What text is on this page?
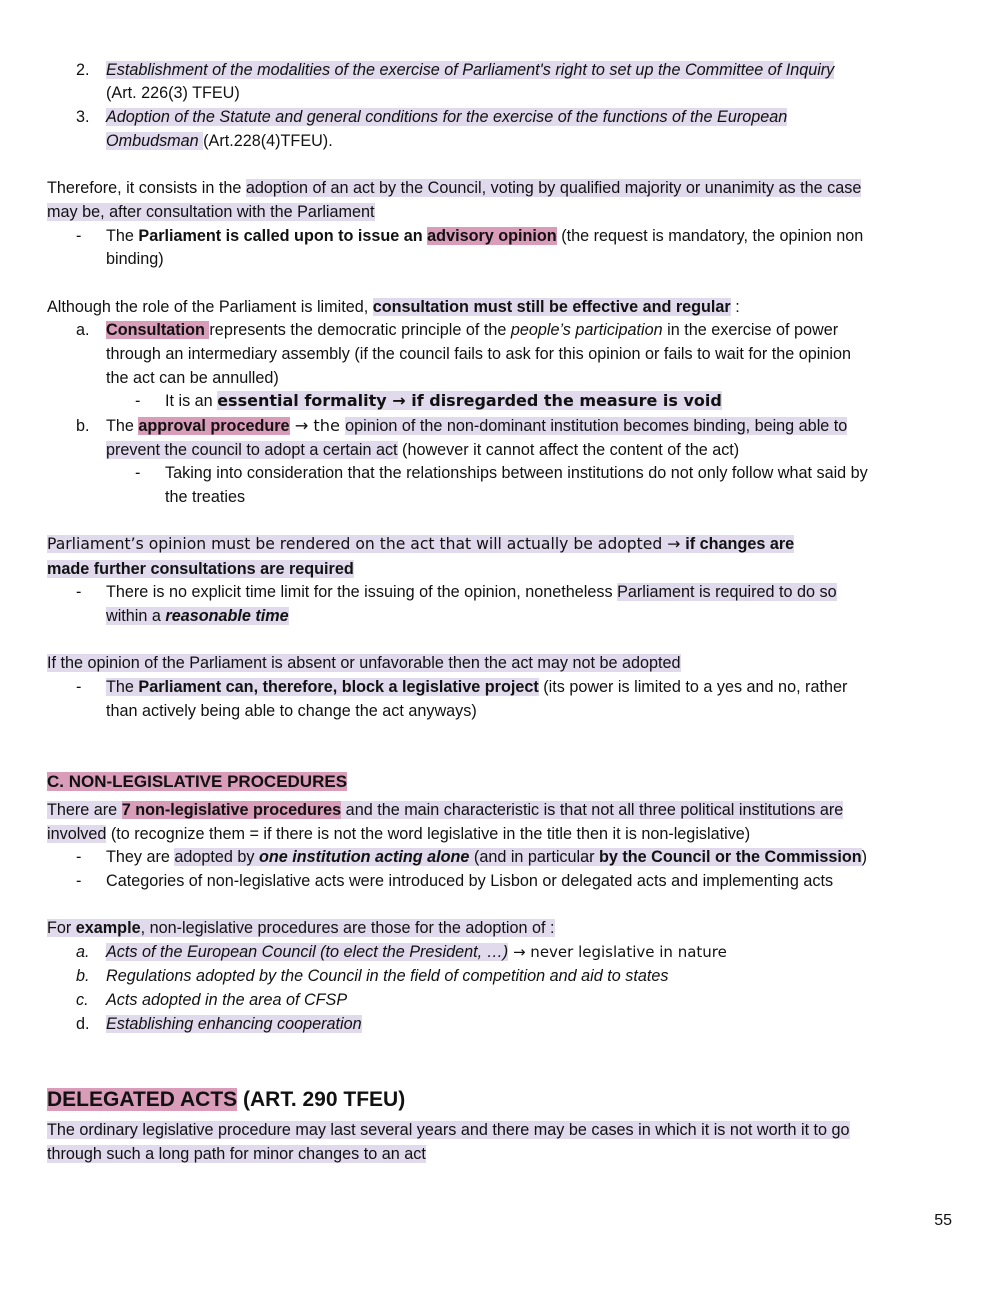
2. Establishment of the modalities of the exercise of Parliament's right to set up the Committee of Inquiry
(Art. 226(3) TFEU)
3. Adoption of the Statute and general conditions for the exercise of the functions of the European
Ombudsman (Art.228(4)TFEU).
Therefore, it consists in the adoption of an act by the Council, voting by qualified majority or unanimity as the case
may be, after consultation with the Parliament
- The Parliament is called upon to issue an advisory opinion (the request is mandatory, the opinion non
binding)
Although the role of the Parliament is limited, consultation must still be effective and regular :
a. Consultation represents the democratic principle of the people’s participation in the exercise of power
through an intermediary assembly (if the council fails to ask for this opinion or fails to wait for the opinion
the act can be annulled)
- It is an essential formality → if disregarded the measure is void
b. The approval procedure → the opinion of the non-dominant institution becomes binding, being able to
prevent the council to adopt a certain act (however it cannot affect the content of the act)
- Taking into consideration that the relationships between institutions do not only follow what said by
the treaties
Parliament’s opinion must be rendered on the act that will actually be adopted → if changes are
made further consultations are required
- There is no explicit time limit for the issuing of the opinion, nonetheless Parliament is required to do so
within a reasonable time
If the opinion of the Parliament is absent or unfavorable then the act may not be adopted
- The Parliament can, therefore, block a legislative project (its power is limited to a yes and no, rather
than actively being able to change the act anyways)
C. NON-LEGISLATIVE PROCEDURES
There are 7 non-legislative procedures and the main characteristic is that not all three political institutions are
involved (to recognize them = if there is not the word legislative in the title then it is non-legislative)
- They are adopted by one institution acting alone (and in particular by the Council or the Commission)
- Categories of non-legislative acts were introduced by Lisbon or delegated acts and implementing acts
For example, non-legislative procedures are those for the adoption of :
a. Acts of the European Council (to elect the President, …) → never legislative in nature
b. Regulations adopted by the Council in the field of competition and aid to states
c. Acts adopted in the area of CFSP
d. Establishing enhancing cooperation
DELEGATED ACTS (ART. 290 TFEU)
The ordinary legislative procedure may last several years and there may be cases in which it is not worth it to go
through such a long path for minor changes to an act
55
